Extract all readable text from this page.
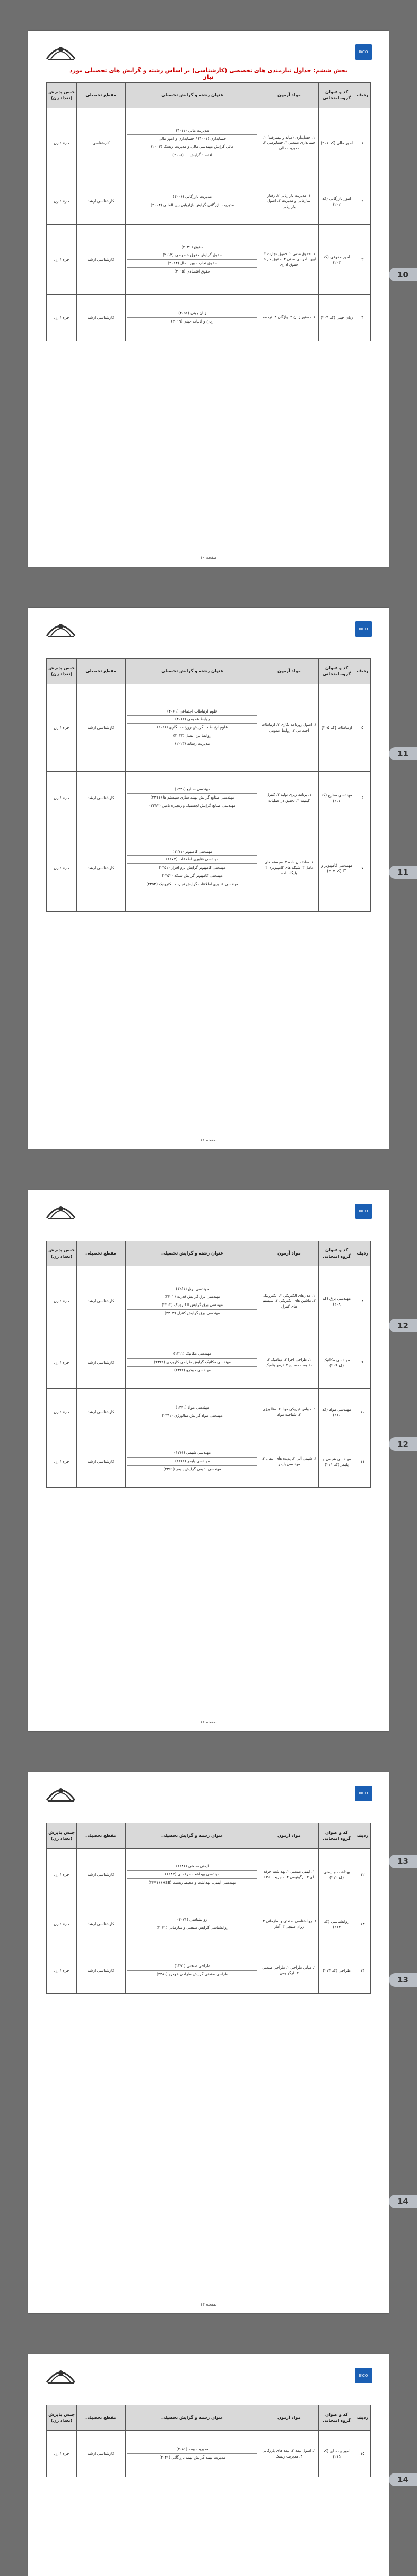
IKCO
بخش ششم: جداول نیازمندی های تخصصی (کارشناسی) بر اساس رشته و گرایش های تحصیلی مورد نیاز
ردیف	کد و عنوان گروه امتحانی	مواد آزمون	عنوان رشته و گرایش تحصیلی	مقطع تحصیلی	جنس پذیرش (تعداد زن)
۱	امور مالی (کد ۲۰۱)	۱. حسابداری (میانه و پیشرفته) ۲. حسابداری صنعتی ۳. حسابرسی ۴. مدیریت مالی	مدیریت مالی (۴۰۱۱)
حسابداری (۴۰۰۱) / حسابداری و امور مالی
مالی گرایش مهندسی مالی و مدیریت ریسک (۲۰۰۳)
اقتصاد گرایش ... (۲۰۰۸)	کارشناسی	جزء ۱ زن
۲	امور بازرگانی (کد ۲۰۲)	۱. مدیریت بازاریابی ۲. رفتار سازمانی و مدیریت ۳. اصول بازاریابی	مدیریت بازرگانی (۴۰۰۶)
مدیریت بازرگانی گرایش بازاریابی بین المللی (۲۰۰۴)	کارشناسی ارشد	جزء ۱ زن
۳	امور حقوقی (کد ۲۰۳)	۱. حقوق مدنی ۲. حقوق تجارت ۳. آیین دادرسی مدنی ۴. حقوق کار ۵. حقوق اداری	حقوق (۴۰۳۱)
حقوق گرایش حقوق خصوصی (۲۰۱۳)
حقوق تجارت بین الملل (۲۰۱۴)
حقوق اقتصادی (۲۰۱۵)	کارشناسی ارشد	جزء ۱ زن
۴	زبان چینی (کد ۲۰۴)	۱. دستور زبان ۲. واژگان ۳. ترجمه	زبان چینی (۴۰۵۱)
زبان و ادبیات چینی (۲۰۱۹)	کارشناسی ارشد	جزء ۱ زن
صفحه ۱۰
IKCO
ردیف	کد و عنوان گروه امتحانی	مواد آزمون	عنوان رشته و گرایش تحصیلی	مقطع تحصیلی	جنس پذیرش (تعداد زن)
۵	ارتباطات (کد ۲۰۵)	۱. اصول روزنامه نگاری ۲. ارتباطات اجتماعی ۳. روابط عمومی	علوم ارتباطات اجتماعی (۴۰۶۱)
روابط عمومی (۴۰۶۲)
علوم ارتباطات گرایش روزنامه نگاری (۲۰۲۱)
روابط بین الملل (۲۰۲۲)
مدیریت رسانه (۲۰۲۳)	کارشناسی ارشد	جزء ۱ زن
۶	مهندسی صنایع (کد ۲۰۶)	۱. برنامه ریزی تولید ۲. کنترل کیفیت ۳. تحقیق در عملیات	مهندسی صنایع (۱۲۳۱)
مهندسی صنایع گرایش بهینه سازی سیستم ها (۲۳۱۱)
مهندسی صنایع گرایش لجستیک و زنجیره تامین (۲۳۱۲)	کارشناسی ارشد	جزء ۱ زن
۷	مهندسی کامپیوتر و IT (کد ۲۰۷)	۱. ساختمان داده ۲. سیستم های عامل ۳. شبکه های کامپیوتری ۴. پایگاه داده	مهندسی کامپیوتر (۱۲۷۱)
مهندسی فناوری اطلاعات (۱۲۷۲)
مهندسی کامپیوتر گرایش نرم افزار (۲۳۵۱)
مهندسی کامپیوتر گرایش شبکه (۲۳۵۲)
مهندسی فناوری اطلاعات گرایش تجارت الکترونیک (۲۳۵۳)	کارشناسی ارشد	جزء ۱ زن
صفحه ۱۱
IKCO
ردیف	کد و عنوان گروه امتحانی	مواد آزمون	عنوان رشته و گرایش تحصیلی	مقطع تحصیلی	جنس پذیرش (تعداد زن)
۸	مهندسی برق (کد ۲۰۸)	۱. مدارهای الکتریکی ۲. الکترونیک ۳. ماشین های الکتریکی ۴. سیستم های کنترل	مهندسی برق (۱۲۵۱)
مهندسی برق گرایش قدرت (۲۳۰۱)
مهندسی برق گرایش الکترونیک (۲۳۰۲)
مهندسی برق گرایش کنترل (۲۳۰۳)	کارشناسی ارشد	جزء ۱ زن
۹	مهندسی مکانیک (کد ۲۰۹)	۱. طراحی اجزا ۲. دینامیک ۳. مقاومت مصالح ۴. ترمودینامیک	مهندسی مکانیک (۱۲۱۱)
مهندسی مکانیک گرایش طراحی کاربردی (۲۳۲۱)
مهندسی خودرو (۲۳۲۲)	کارشناسی ارشد	جزء ۱ زن
۱۰	مهندسی مواد (کد ۲۱۰)	۱. خواص فیزیکی مواد ۲. متالورژی ۳. شناخت مواد	مهندسی مواد (۱۲۴۱)
مهندسی مواد گرایش متالورژی (۲۳۴۱)	کارشناسی ارشد	جزء ۱ زن
۱۱	مهندسی شیمی و پلیمر (کد ۲۱۱)	۱. شیمی آلی ۲. پدیده های انتقال ۳. مهندسی پلیمر	مهندسی شیمی (۱۲۶۱)
مهندسی پلیمر (۱۲۶۲)
مهندسی شیمی گرایش پلیمر (۲۳۶۱)	کارشناسی ارشد	جزء ۱ زن
صفحه ۱۲
IKCO
ردیف	کد و عنوان گروه امتحانی	مواد آزمون	عنوان رشته و گرایش تحصیلی	مقطع تحصیلی	جنس پذیرش (تعداد زن)
۱۲	بهداشت و ایمنی (کد ۲۱۲)	۱. ایمنی صنعتی ۲. بهداشت حرفه ای ۳. ارگونومی ۴. مدیریت HSE	ایمنی صنعتی (۱۲۸۱)
مهندسی بهداشت حرفه ای (۱۲۸۲)
مهندسی ایمنی، بهداشت و محیط زیست (HSE) (۲۳۷۱)	کارشناسی ارشد	جزء ۱ زن
۱۳	روانشناسی (کد ۲۱۳)	۱. روانشناسی صنعتی و سازمانی ۲. روان سنجی ۳. آمار	روانشناسی (۴۰۷۱)
روانشناسی گرایش صنعتی و سازمانی (۲۰۳۱)	کارشناسی ارشد	جزء ۱ زن
۱۴	طراحی (کد ۲۱۴)	۱. مبانی طراحی ۲. طراحی صنعتی ۳. ارگونومی	طراحی صنعتی (۱۲۹۱)
طراحی صنعتی گرایش طراحی خودرو (۲۳۸۱)	کارشناسی ارشد	جزء ۱ زن
صفحه ۱۳
IKCO
ردیف	کد و عنوان گروه امتحانی	مواد آزمون	عنوان رشته و گرایش تحصیلی	مقطع تحصیلی	جنس پذیرش (تعداد زن)
۱۵	امور بیمه ای (کد ۲۱۵)	۱. اصول بیمه ۲. بیمه های بازرگانی ۳. مدیریت ریسک	مدیریت بیمه (۴۰۸۱)
مدیریت بیمه گرایش بیمه بازرگانی (۲۰۴۱)	کارشناسی ارشد	جزء ۱ زن
10
11
11
12
12
13
13
14
14
